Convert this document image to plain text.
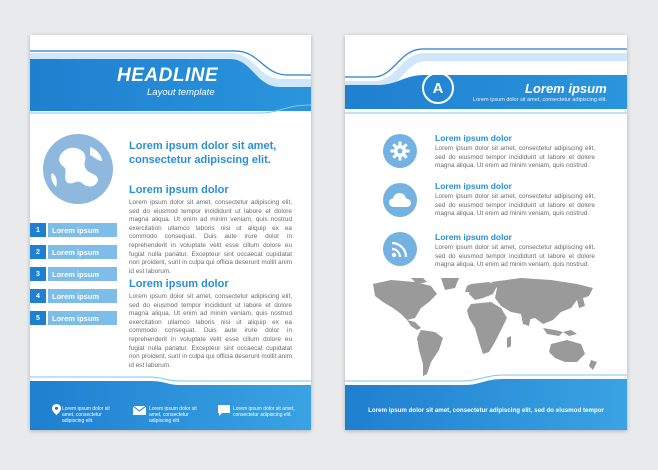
HEADLINE
Layout template
Lorem ipsum dolor sit amet, consectetur adipiscing elit.
Lorem ipsum dolor
Lorem ipsum dolor sit amet, consectetur adipiscing elit, sed do eiusmod tempor incididunt ut labore et dolore magna aliqua. Ut enim ad minim veniam, quis nostrud exercitation ullamco laboris nisi ut aliquip ex ea commodo consequat. Duis aute irure dolor in reprehenderit in voluptate velit esse cillum dolore eu fugiat nulla pariatur. Excepteur sint occaecat cupidatat non proident, sunt in culpa qui officia deserunt mollit anim id est laborum.
Lorem ipsum dolor
Lorem ipsum dolor sit amet, consectetur adipiscing elit, sed do eiusmod tempor incididunt ut labore et dolore magna aliqua. Ut enim ad minim veniam, quis nostrud exercitation ullamco laboris nisi ut aliquip ex ea commodo consequat. Duis aute irure dolor in reprehenderit in voluptate velit esse cillum dolore eu fugiat nulla pariatur. Excepteur sint occaecat cupidatat non proident, sunt in culpa qui officia deserunt mollit anim id est laborum.
1	Lorem ipsum
2	Lorem ipsum
3	Lorem ipsum
4	Lorem ipsum
5	Lorem ipsum
Lorem ipsum dolor sit amet, consectetur adipiscing elit.
Lorem ipsum dolor sit amet, consectetur adipiscing elit.
Lorem ipsum dolor sit amet, consectetur adipiscing elit.
A	Lorem ipsum
Lorem ipsum dolor sit amet, consectetur adipiscing elit.
Lorem ipsum dolor
Lorem ipsum dolor sit amet, consectetur adipiscing elit, sed do eiusmod tempor incididunt ut labore et dolore magna aliqua. Ut enim ad minim veniam, quis nostrud.
Lorem ipsum dolor
Lorem ipsum dolor sit amet, consectetur adipiscing elit, sed do eiusmod tempor incididunt ut labore et dolore magna aliqua. Ut enim ad minim veniam, quis nostrud.
Lorem ipsum dolor
Lorem ipsum dolor sit amet, consectetur adipiscing elit, sed do eiusmod tempor incididunt ut labore et dolore magna aliqua. Ut enim ad minim veniam, quis nostrud.
Lorem ipsum dolor sit amet, consectetur adipiscing elit, sed do eiusmod tempor
